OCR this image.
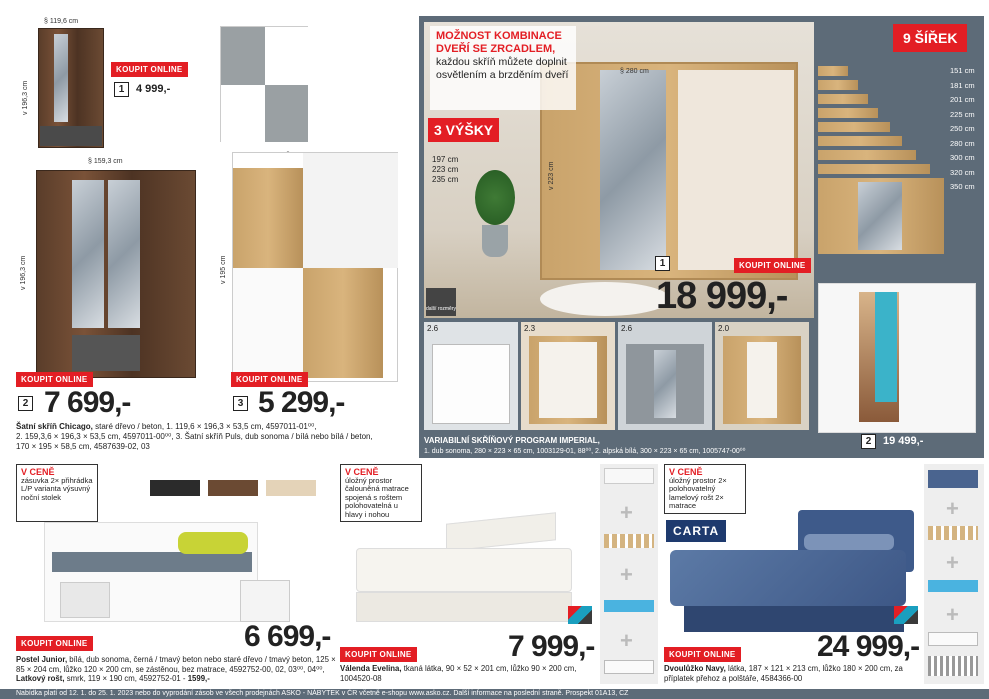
§ 119,6 cm
v 196,3 cm
KOUPIT ONLINE
1	4 999,-
§ 159,3 cm
v 196,3 cm	v 195 cm
KOUPIT ONLINE
2 7 699,-
KOUPIT ONLINE
3 5 299,-
Šatní skříň Chicago, staré dřevo / beton, 1. 119,6 × 196,3 × 53,5 cm, 4597011-01⁰⁰,
2. 159,3,6 × 196,3 × 53,5 cm, 4597011-00⁰⁰, 3. Šatní skříň Puls, dub sonoma / bílá nebo bílá / beton,
170 × 195 × 58,5 cm, 4587639-02, 03
MOŽNOST KOMBINACE DVEŘÍ SE ZRCADLEM,
každou skříň můžete doplnit osvětlením a brzděním dveří
3 VÝŠKY
197 cm
223 cm
235 cm
§ 280 cm
v 223 cm
další rozměry
1	KOUPIT ONLINE
18 999,-
9 ŠÍŘEK
151 cm
181 cm
201 cm
225 cm
250 cm
280 cm
300 cm
320 cm
350 cm
2.6	2.3	2.6	2.0
VARIABILNÍ SKŘÍŇOVÝ PROGRAM IMPERIAL,
1. dub sonoma, 280 × 223 × 65 cm, 1003129-01, 88⁰⁰, 2. alpská bílá, 300 × 223 × 65 cm, 1005747-00⁰⁰
2	19 499,-
V CENĚ
zásuvka 2× přihrádka L/P varianta výsuvný noční stolek
KOUPIT ONLINE	6 699,-
Postel Junior, bílá, dub sonoma, černá / tmavý beton nebo staré dřevo / tmavý beton, 125 × 85 × 204 cm, lůžko 120 × 200 cm, se zástěnou, bez matrace, 4592752-00, 02, 03⁰⁰, 04⁰⁰, Latkový rošt, smrk, 119 × 190 cm, 4592752-01 - 1599,-
V CENĚ
úložný prostor čalouněná matrace spojená s roštem polohovatelná u hlavy i nohou
KOUPIT ONLINE	7 999,-
Válenda Evelina, tkaná látka, 90 × 52 × 201 cm, lůžko 90 × 200 cm, 1004520-08
+
+
+
V CENĚ
úložný prostor 2× polohovatelný lamelový rošt 2× matrace
CARTA
KOUPIT ONLINE	24 999,-
Dvoulůžko Navy, látka, 187 × 121 × 213 cm, lůžko 180 × 200 cm, za příplatek přehoz a polštáře, 4584366-00
+
+
+
Nabídka platí od 12. 1. do 25. 1. 2023 nebo do vyprodání zásob ve všech prodejnách ASKO - NÁBYTEK v ČR včetně e-shopu www.asko.cz. Další informace na poslední straně. Prospekt 01A13, CZ
